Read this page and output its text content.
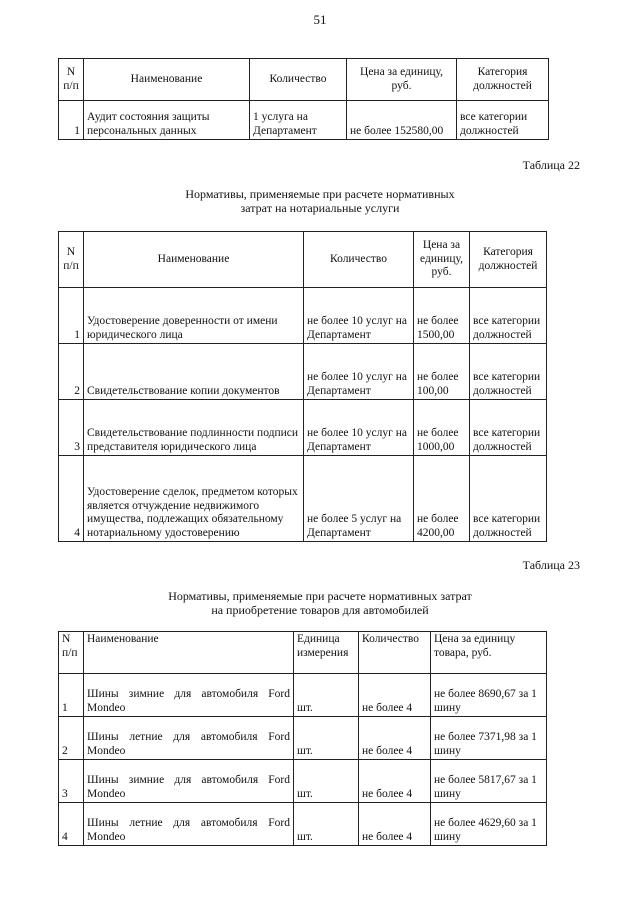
51
N п/п	Наименование	Количество	Цена за единицу, руб.	Категория должностей
1	Аудит состояния защиты персональных данных	1 услуга на Департамент	не более 152580,00	все категории должностей
Таблица 22
Нормативы, применяемые при расчете нормативных
затрат на нотариальные услуги
N п/п	Наименование	Количество	Цена за единицу, руб.	Категория должностей
1	Удостоверение доверенности от имени юридического лица	не более 10 услуг на Департамент	не более 1500,00	все категории должностей
2	Свидетельствование копии документов	не более 10 услуг на Департамент	не более 100,00	все категории должностей
3	Свидетельствование подлинности подписи представителя юридического лица	не более 10 услуг на Департамент	не более 1000,00	все категории должностей
4	Удостоверение сделок, предметом которых является отчуждение недвижимого имущества, подлежащих обязательному нотариальному удостоверению	не более 5 услуг на Департамент	не более 4200,00	все категории должностей
Таблица 23
Нормативы, применяемые при расчете нормативных затрат
на приобретение товаров для автомобилей
N п/п	Наименование	Единица измерения	Количество	Цена за единицу товара, руб.
1	Шины зимние для автомобиля Ford Mondeo	шт.	не более 4	не более 8690,67 за 1 шину
2	Шины летние для автомобиля Ford Mondeo	шт.	не более 4	не более 7371,98 за 1 шину
3	Шины зимние для автомобиля Ford Mondeo	шт.	не более 4	не более 5817,67 за 1 шину
4	Шины летние для автомобиля Ford Mondeo	шт.	не более 4	не более 4629,60 за 1 шину
